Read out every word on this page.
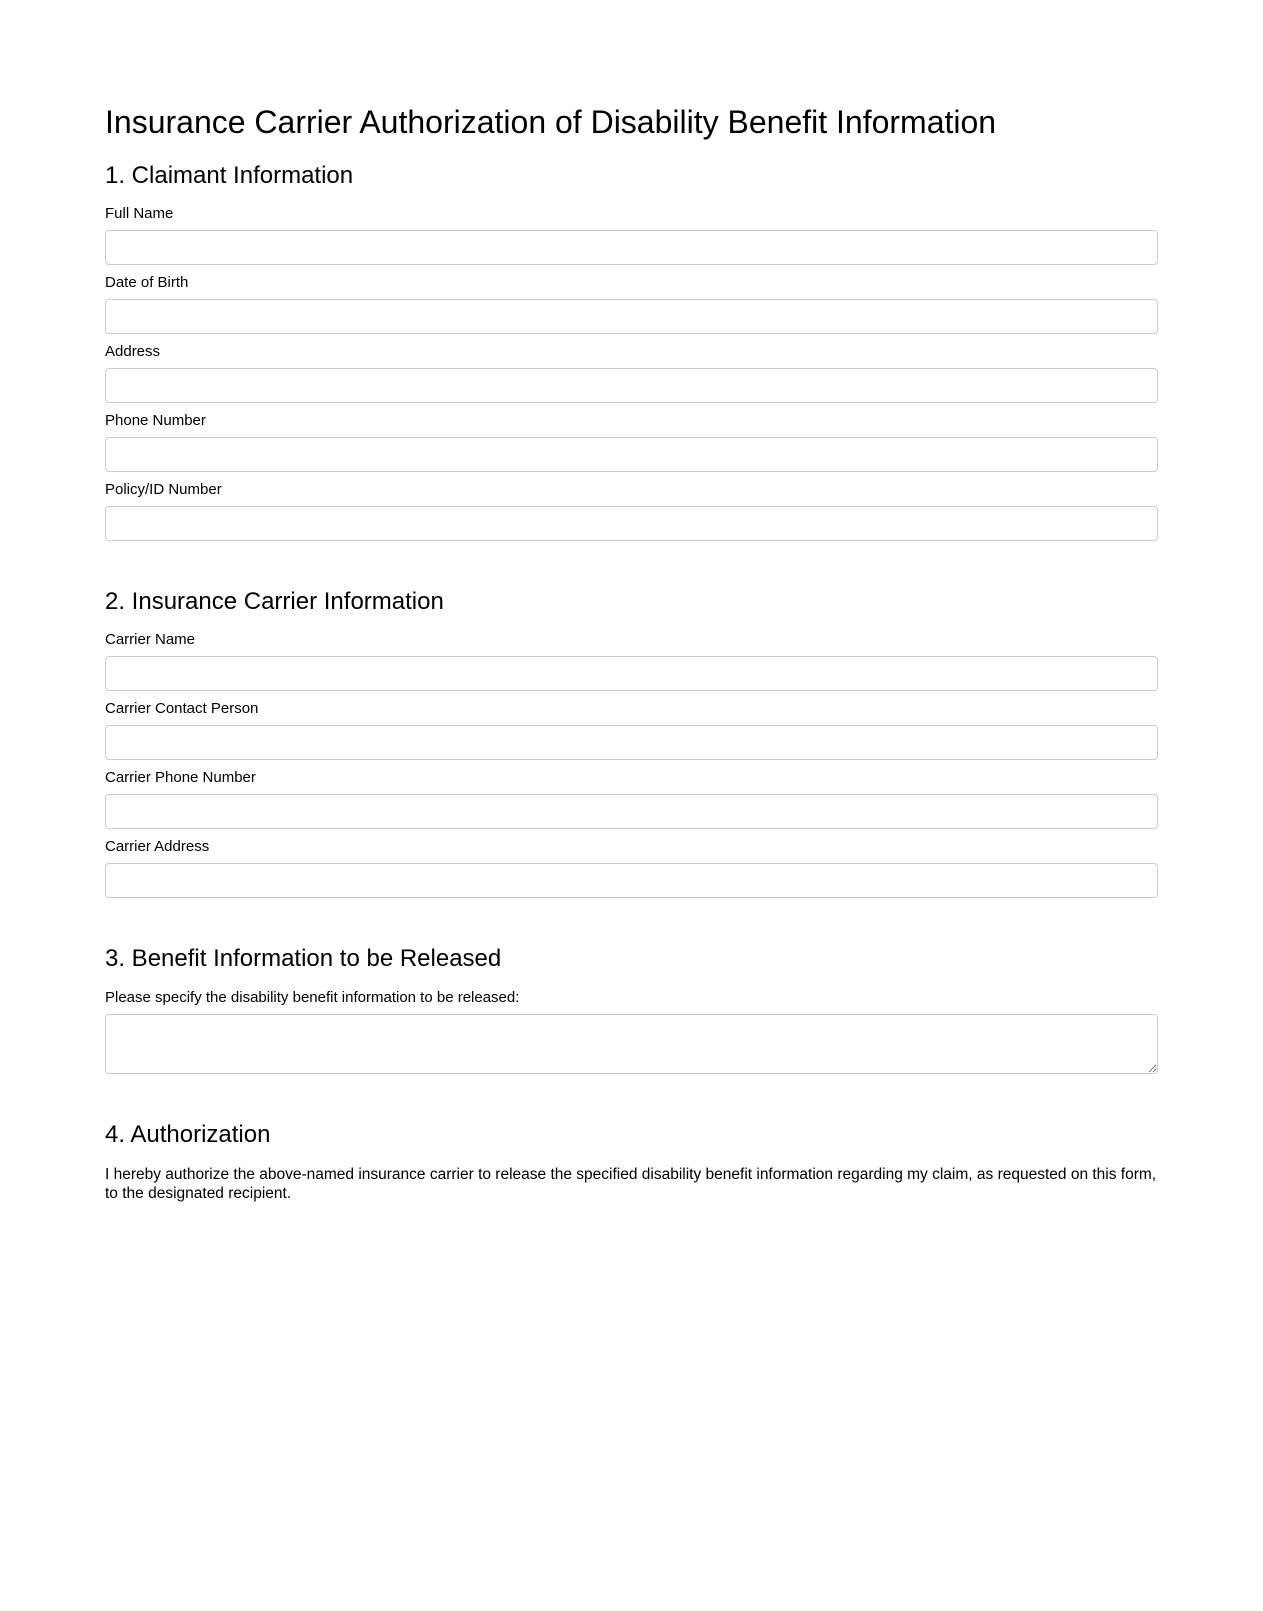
Insurance Carrier Authorization of Disability Benefit Information
1. Claimant Information
Full Name
Date of Birth
Address
Phone Number
Policy/ID Number
2. Insurance Carrier Information
Carrier Name
Carrier Contact Person
Carrier Phone Number
Carrier Address
3. Benefit Information to be Released
Please specify the disability benefit information to be released:
4. Authorization

I hereby authorize the above-named insurance carrier to release the specified disability benefit information regarding my claim, as requested on this form, to the designated recipient.
